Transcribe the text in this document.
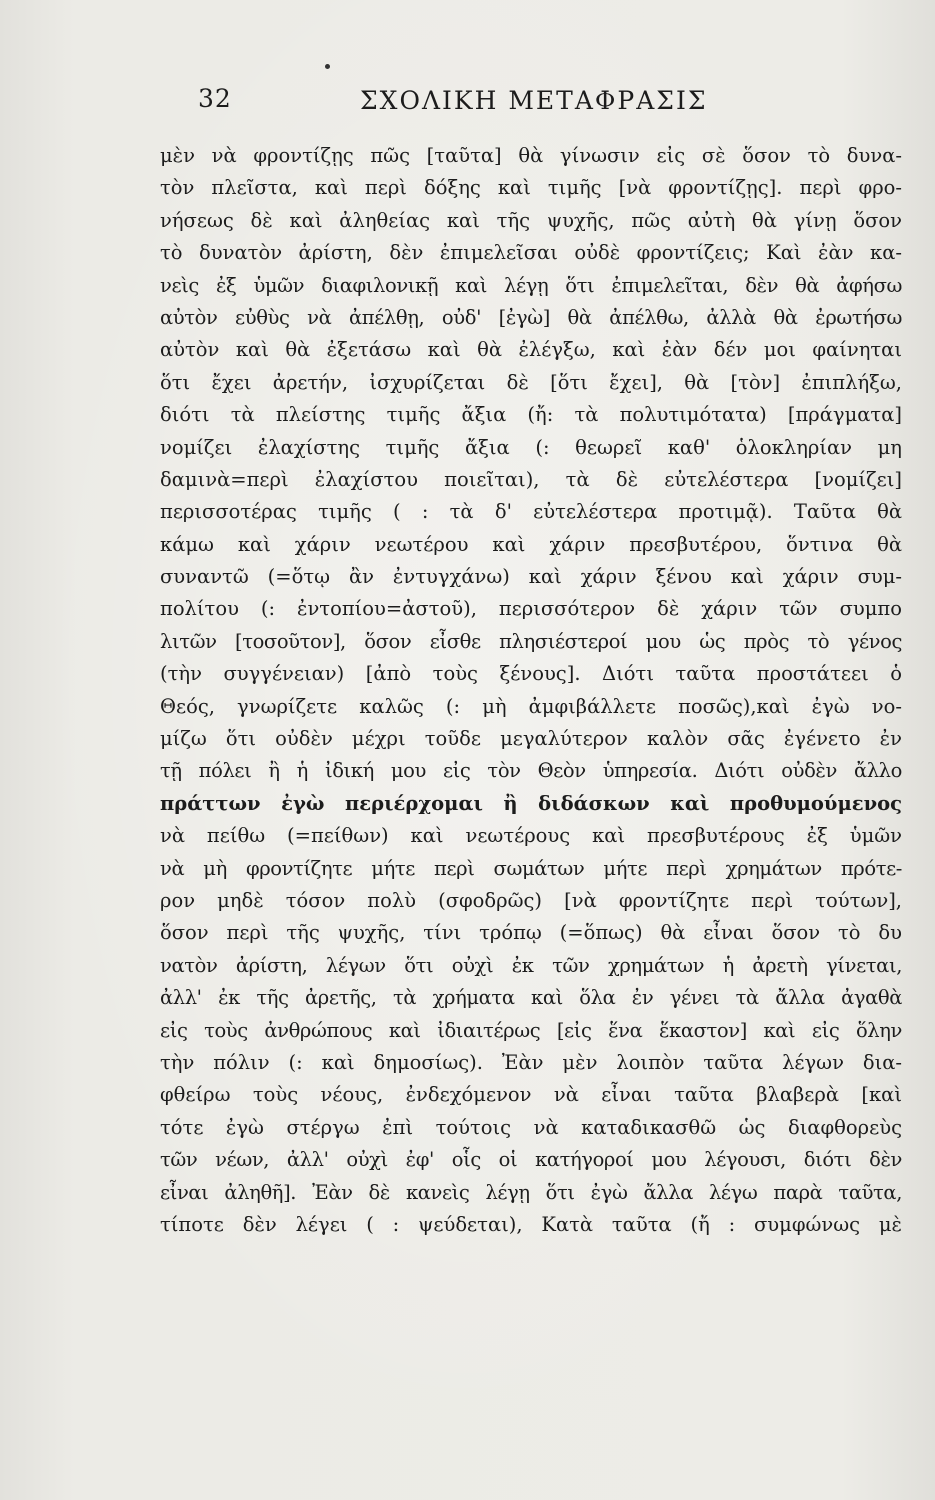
32	ΣΧΟΛΙΚΗ ΜΕΤΑΦΡΑΣΙΣ
μὲν νὰ φροντίζῃς πῶς [ταῦτα] θὰ γίνωσιν εἰς σὲ ὅσον τὸ δυνα-
τὸν πλεῖστα, καὶ περὶ δόξης καὶ τιμῆς [νὰ φροντίζῃς]. περὶ φρο-
νήσεως δὲ καὶ ἀληθείας καὶ τῆς ψυχῆς, πῶς αὐτὴ θὰ γίνῃ ὅσον
τὸ δυνατὸν ἀρίστη, δὲν ἐπιμελεῖσαι οὐδὲ φροντίζεις; Καὶ ἐὰν κα-
νεὶς ἐξ ὑμῶν διαφιλονικῇ καὶ λέγῃ ὅτι ἐπιμελεῖται, δὲν θὰ ἀφήσω
αὐτὸν εὐθὺς νὰ ἀπέλθῃ, οὐδ' [ἐγὼ] θὰ ἀπέλθω, ἀλλὰ θὰ ἐρωτήσω
αὐτὸν καὶ θὰ ἐξετάσω καὶ θὰ ἐλέγξω, καὶ ἐὰν δέν μοι φαίνηται
ὅτι ἔχει ἀρετήν, ἰσχυρίζεται δὲ [ὅτι ἔχει], θὰ [τὸν] ἐπιπλήξω,
διότι τὰ πλείστης τιμῆς ἄξια (ἤ: τὰ πολυτιμότατα) [πράγματα]
νομίζει ἐλαχίστης τιμῆς ἄξια (: θεωρεῖ καθ' ὁλοκληρίαν μη
δαμινὰ=περὶ ἐλαχίστου ποιεῖται), τὰ δὲ εὐτελέστερα [νομίζει]
περισσοτέρας τιμῆς ( : τὰ δ' εὐτελέστερα προτιμᾷ). Ταῦτα θὰ
κάμω καὶ χάριν νεωτέρου καὶ χάριν πρεσβυτέρου, ὅντινα θὰ
συναντῶ (=ὅτῳ ἂν ἐντυγχάνω) καὶ χάριν ξένου καὶ χάριν συμ-
πολίτου (: ἐντοπίου=ἀστοῦ), περισσότερον δὲ χάριν τῶν συμπο
λιτῶν [τοσοῦτον], ὅσον εἶσθε πλησιέστεροί μου ὡς πρὸς τὸ γένος
(τὴν συγγένειαν) [ἀπὸ τοὺς ξένους]. Διότι ταῦτα προστάτεει ὁ
Θεός, γνωρίζετε καλῶς (: μὴ ἀμφιβάλλετε ποσῶς),καὶ ἐγὼ νο-
μίζω ὅτι οὐδὲν μέχρι τοῦδε μεγαλύτερον καλὸν σᾶς ἐγένετο ἐν
τῇ πόλει ἢ ἡ ἰδική μου εἰς τὸν Θεὸν ὑπηρεσία. Διότι οὐδὲν ἄλλο
πράττων ἐγὼ περιέρχομαι ἢ διδάσκων καὶ προθυμούμενος
νὰ πείθω (=πείθων) καὶ νεωτέρους καὶ πρεσβυτέρους ἐξ ὑμῶν
νὰ μὴ φροντίζητε μήτε περὶ σωμάτων μήτε περὶ χρημάτων πρότε-
ρον μηδὲ τόσον πολὺ (σφοδρῶς) [νὰ φροντίζητε περὶ τούτων],
ὅσον περὶ τῆς ψυχῆς, τίνι τρόπῳ (=ὅπως) θὰ εἶναι ὅσον τὸ δυ
νατὸν ἀρίστη, λέγων ὅτι οὐχὶ ἐκ τῶν χρημάτων ἡ ἀρετὴ γίνεται,
ἀλλ' ἐκ τῆς ἀρετῆς, τὰ χρήματα καὶ ὅλα ἐν γένει τὰ ἄλλα ἀγαθὰ
εἰς τοὺς ἀνθρώπους καὶ ἰδιαιτέρως [εἰς ἕνα ἕκαστον] καὶ εἰς ὅλην
τὴν πόλιν (: καὶ δημοσίως). Ἐὰν μὲν λοιπὸν ταῦτα λέγων δια-
φθείρω τοὺς νέους, ἐνδεχόμενον νὰ εἶναι ταῦτα βλαβερὰ [καὶ
τότε ἐγὼ στέργω ἐπὶ τούτοις νὰ καταδικασθῶ ὡς διαφθορεὺς
τῶν νέων, ἀλλ' οὐχὶ ἐφ' οἷς οἱ κατήγοροί μου λέγουσι, διότι δὲν
εἶναι ἀληθῆ]. Ἐὰν δὲ κανεὶς λέγῃ ὅτι ἐγὼ ἄλλα λέγω παρὰ ταῦτα,
τίποτε δὲν λέγει ( : ψεύδεται), Κατὰ ταῦτα (ἤ : συμφώνως μὲ
